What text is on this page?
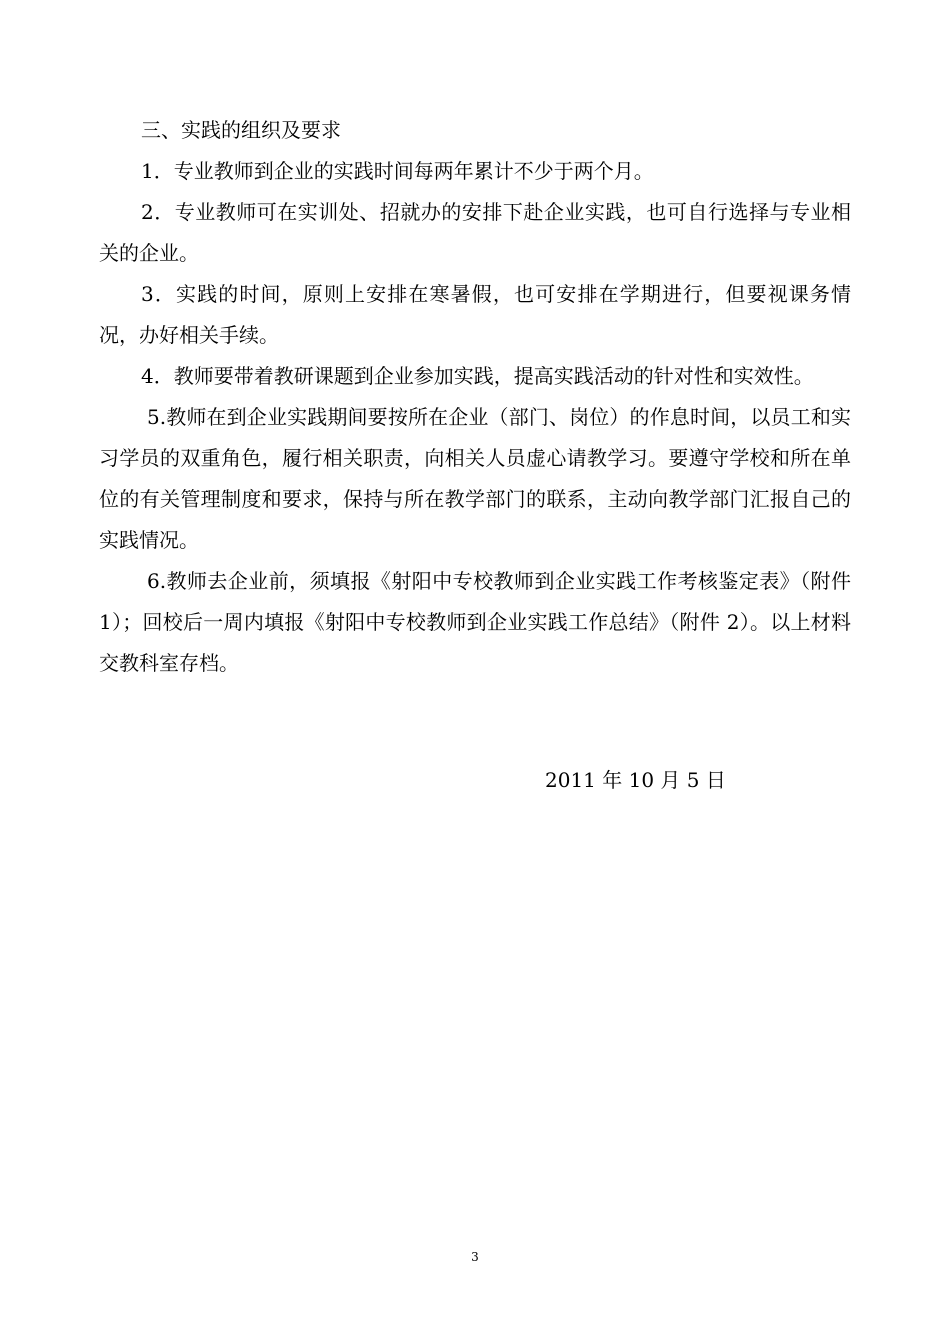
三、实践的组织及要求

1．专业教师到企业的实践时间每两年累计不少于两个月。

2．专业教师可在实训处、招就办的安排下赴企业实践，也可自行选择与专业相关的企业。

3．实践的时间，原则上安排在寒暑假，也可安排在学期进行，但要视课务情况，办好相关手续。

4．教师要带着教研课题到企业参加实践，提高实践活动的针对性和实效性。

5.教师在到企业实践期间要按所在企业（部门、岗位）的作息时间，以员工和实习学员的双重角色，履行相关职责，向相关人员虚心请教学习。要遵守学校和所在单位的有关管理制度和要求，保持与所在教学部门的联系，主动向教学部门汇报自己的实践情况。

6.教师去企业前，须填报《射阳中专校教师到企业实践工作考核鉴定表》（附件 1）；回校后一周内填报《射阳中专校教师到企业实践工作总结》（附件 2）。以上材料交教科室存档。

2011 年 10 月 5 日
3
